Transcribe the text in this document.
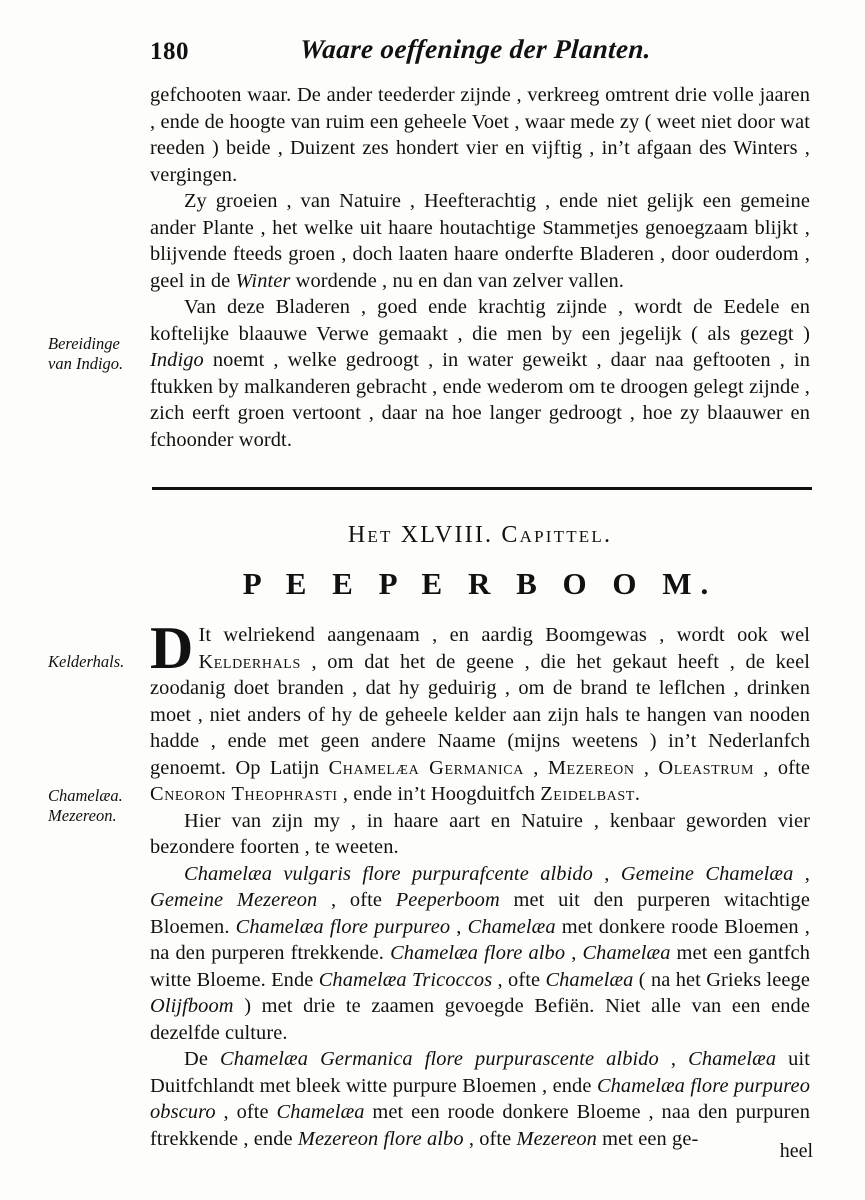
180	Waare oeffeninge der Planten.

gefchooten waar. De ander teederder zijnde , verkreeg omtrent drie volle jaaren , ende de hoogte van ruim een geheele Voet , waar mede zy ( weet niet door wat reeden ) beide , Duizent zes hondert vier en vijftig , in’t afgaan des Winters , vergingen.

Zy groeien , van Natuire , Heefterachtig , ende niet gelijk een gemeine ander Plante , het welke uit haare houtachtige Stammetjes genoegzaam blijkt , blijvende fteeds groen , doch laaten haare onderfte Bladeren , door ouderdom , geel in de Winter wordende , nu en dan van zelver vallen.

Van deze Bladeren , goed ende krachtig zijnde , wordt de Eedele en koftelijke blaauwe Verwe gemaakt , die men by een jegelijk ( als gezegt ) Indigo noemt , welke gedroogt , in water geweikt , daar naa geftooten , in ftukken by malkanderen gebracht , ende wederom om te droogen gelegt zijnde , zich eerft groen vertoont , daar na hoe langer gedroogt , hoe zy blaauwer en fchoonder wordt.

Bereidinge
van Indigo.
Het XLVIII. Capittel.
P E E P E R B O O M.
Kelderhals.
Chamelæa.
Mezereon.

D It welriekend aangenaam , en aardig Boomgewas , wordt ook wel Kelderhals , om dat het de geene , die het gekaut heeft , de keel zoodanig doet branden , dat hy geduirig , om de brand te leflchen , drinken moet , niet anders of hy de geheele kelder aan zijn hals te hangen van nooden hadde , ende met geen andere Naame (mijns weetens ) in’t Nederlanfch genoemt. Op Latijn Chamelæa Germanica , Mezereon , Oleastrum , ofte Cneoron Theophrasti , ende in’t Hoogduitfch Zeidelbast.

Hier van zijn my , in haare aart en Natuire , kenbaar geworden vier bezondere foorten , te weeten.

Chamelæa vulgaris flore purpurafcente albido , Gemeine Chamelæa , Gemeine Mezereon , ofte Peeperboom met uit den purperen witachtige Bloemen. Chamelæa flore purpureo , Chamelæa met donkere roode Bloemen , na den purperen ftrekkende. Chamelæa flore albo , Chamelæa met een gantfch witte Bloeme. Ende Chamelæa Tricoccos , ofte Chamelæa ( na het Grieks leege Olijfboom ) met drie te zaamen gevoegde Befiën. Niet alle van een ende dezelfde culture.

De Chamelæa Germanica flore purpurascente albido , Chamelæa uit Duitfchlandt met bleek witte purpure Bloemen , ende Chamelæa flore purpureo obscuro , ofte Chamelæa met een roode donkere Bloeme , naa den purpuren ftrekkende , ende Mezereon flore albo , ofte Mezereon met een ge-

heel
